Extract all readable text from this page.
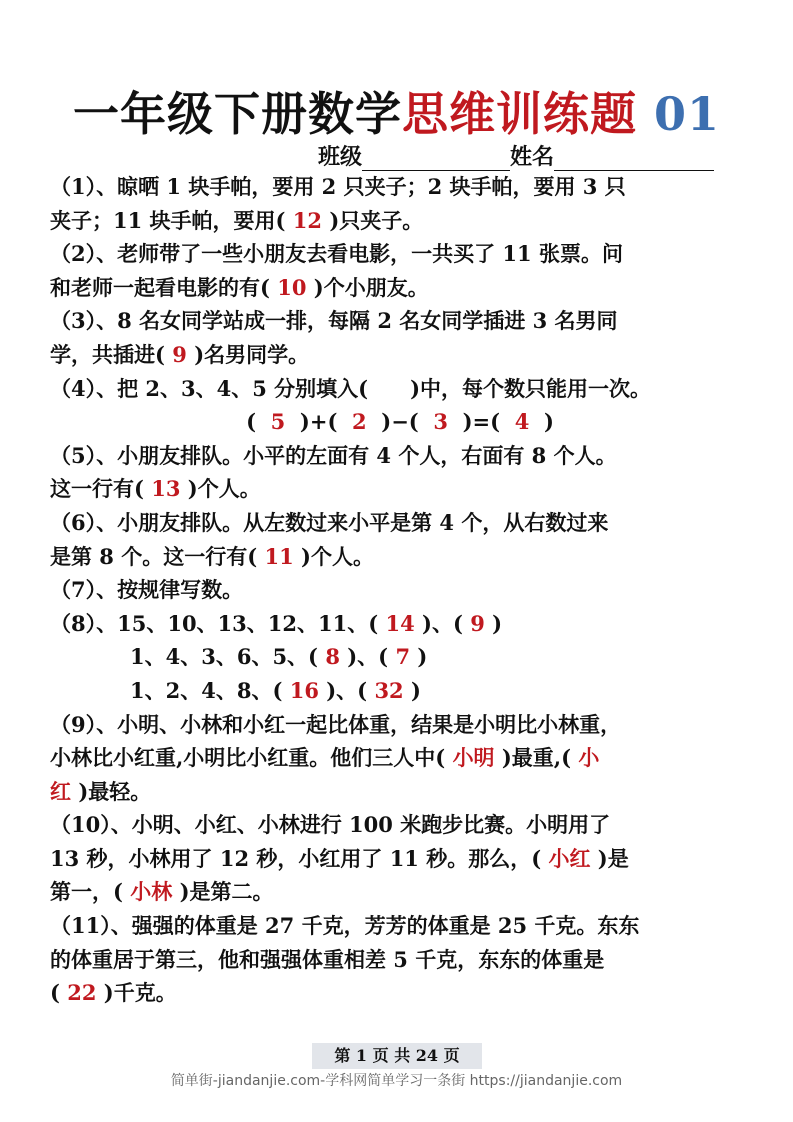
一年级下册数学思维训练题 01
班级	姓名
（1）、晾晒 1 块手帕，要用 2 只夹子；2 块手帕，要用 3 只
夹子；11 块手帕，要用( 12 )只夹子。
（2）、老师带了一些小朋友去看电影，一共买了 11 张票。问
和老师一起看电影的有( 10 )个小朋友。
（3）、8 名女同学站成一排，每隔 2 名女同学插进 3 名男同
学，共插进( 9 )名男同学。
（4）、把 2、3、4、5 分别填入(　　)中，每个数只能用一次。
( 5 )+( 2 )−( 3 )=( 4 )
（5）、小朋友排队。小平的左面有 4 个人，右面有 8 个人。
这一行有( 13 )个人。
（6）、小朋友排队。从左数过来小平是第 4 个，从右数过来
是第 8 个。这一行有( 11 )个人。
（7）、按规律写数。
（8）、15、10、13、12、11、( 14 )、( 9 )
1、4、3、6、5、( 8 )、( 7 )
1、2、4、8、( 16 )、( 32 )
（9）、小明、小林和小红一起比体重，结果是小明比小林重，
小林比小红重,小明比小红重。他们三人中( 小明 )最重,( 小
红 )最轻。
（10）、小明、小红、小林进行 100 米跑步比赛。小明用了
13 秒，小林用了 12 秒，小红用了 11 秒。那么，( 小红 )是
第一，( 小林 )是第二。
（11）、强强的体重是 27 千克，芳芳的体重是 25 千克。东东
的体重居于第三，他和强强体重相差 5 千克，东东的体重是
( 22 )千克。
第 1 页 共 24 页
简单街-jiandanjie.com-学科网简单学习一条街 https://jiandanjie.com
